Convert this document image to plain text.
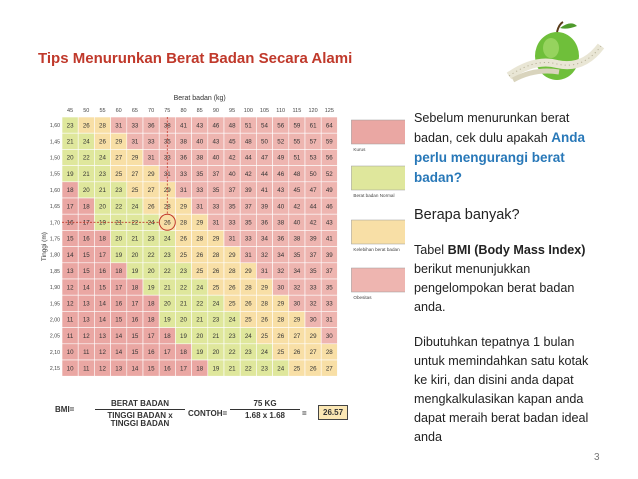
Tips Menurunkan Berat Badan Secara Alami
Berat badan (kg)
45 50 55 60 65 70 75 80 85 90 95 100 105 110 115 120 125
Tinggi (m)
1,60 23 26 28 31 33 36 38 41 43 46 48 51 54 56 59 61 64
1,45 21 24 26 29 31 33 35 38 40 43 45 48 50 52 55 57 59
1,50 20 22 24 27 29 31 33 36 38 40 42 44 47 49 51 53 56
1,55 19 21 23 25 27 29 31 33 35 37 40 42 44 46 48 50 52
1,60 18 20 21 23 25 27 29 31 33 35 37 39 41 43 45 47 49
1,65 17 18 20 22 24 26 28 29 31 33 35 37 39 40 42 44 46
1,70 16 17 19 21 22 24 26 28 29 31 33 35 36 38 40 42 43
1,75 15 16 18 20 21 23 24 26 28 29 31 33 34 36 38 39 41
1,80 14 15 17 19 20 22 23 25 26 28 29 31 32 34 35 37 39
1,85 13 15 16 18 19 20 22 23 25 26 28 29 31 32 34 35 37
1,90 12 14 15 17 18 19 21 22 24 25 26 28 29 30 32 33 35
1,95 12 13 14 16 17 18 20 21 22 24 25 26 28 29 30 32 33
2,00 11 13 14 15 16 18 19 20 21 23 24 25 26 28 29 30 31
2,05 11 12 13 14 15 17 18 19 20 21 23 24 25 26 27 29 30
2,10 10 11 12 14 15 16 17 18 19 20 22 23 24 25 26 27 28
2,15 10 11 12 13 14 15 16 17 18 19 21 22 23 24 25 26 27
Kurus
Berat badan Normal
Kelebihan berat badan
Obesitas
BMI=
BERAT BADAN
TINGGI BADAN x
TINGGI BADAN
CONTOH=
75 KG
1.68 x 1.68	=	26.57

Sebelum menurunkan berat badan, cek dulu apakah Anda perlu mengurangi berat badan?

Berapa banyak?

Tabel BMI (Body Mass Index) berikut menunjukkan pengelompokan berat badan anda.

Dibutuhkan tepatnya 1 bulan untuk memindahkan satu kotak ke kiri, dan disini anda dapat mengkalkulasikan kapan anda dapat meraih berat badan ideal anda

3
